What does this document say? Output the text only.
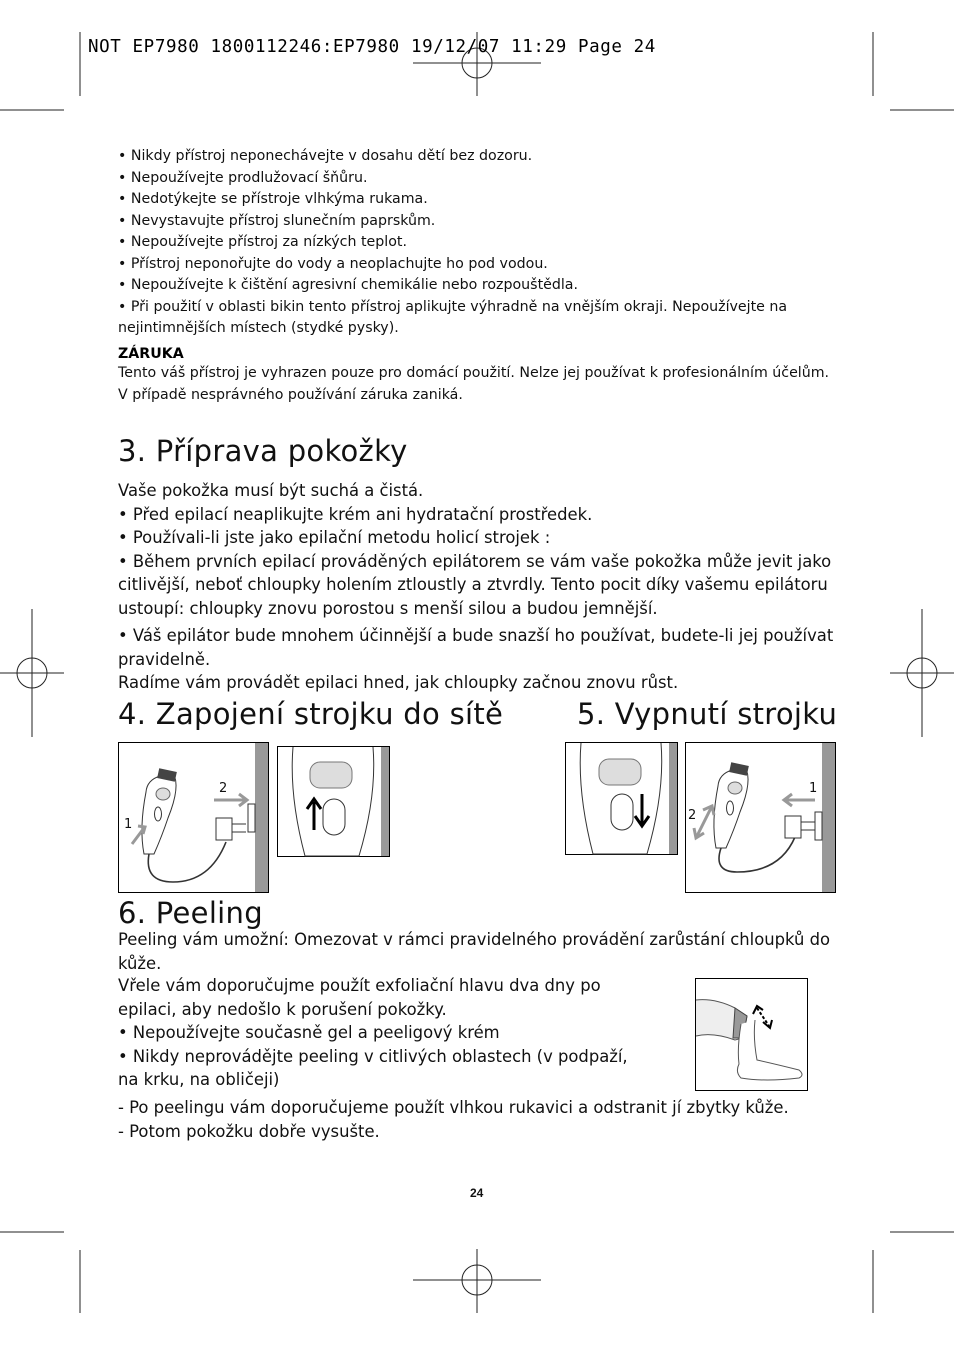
NOT EP7980 1800112246:EP7980 19/12/07 11:29 Page 24

• Nikdy přístroj neponechávejte v dosahu dětí bez dozoru.

• Nepoužívejte prodlužovací šňůru.

• Nedotýkejte se přístroje vlhkýma rukama.

• Nevystavujte přístroj slunečním paprskům.

• Nepoužívejte přístroj za nízkých teplot.

• Přístroj neponořujte do vody a neoplachujte ho pod vodou.

• Nepoužívejte k čištění agresivní chemikálie nebo rozpouštědla.

• Při použití v oblasti bikin tento přístroj aplikujte výhradně na vnějším okraji. Nepoužívejte na nejintimnějších místech (stydké pysky).

ZÁRUKA

Tento váš přístroj je vyhrazen pouze pro domácí použití. Nelze jej používat k profesionálním účelům. V případě nesprávného používání záruka zaniká.

3. Příprava pokožky

Vaše pokožka musí být suchá a čistá.

• Před epilací neaplikujte krém ani hydratační prostředek.

• Používali-li jste jako epilační metodu holicí strojek :

• Během prvních epilací prováděných epilátorem se vám vaše pokožka může jevit jako citlivější, neboť chloupky holením ztloustly a ztvrdly. Tento pocit díky vašemu epilátoru ustoupí: chloupky znovu porostou s menší silou a budou jemnější.

• Váš epilátor bude mnohem účinnější a bude snazší ho používat, budete-li jej používat pravidelně.

Radíme vám provádět epilaci hned, jak chloupky začnou znovu růst.

4. Zapojení strojku do sítě	5. Vypnutí strojku
1
2	1
2
6. Peeling

Peeling vám umožní: Omezovat v rámci pravidelného provádění zarůstání chloupků do kůže.

Vřele vám doporučujme použít exfoliační hlavu dva dny po epilaci, aby nedošlo k porušení pokožky.

• Nepoužívejte současně gel a peeligový krém

• Nikdy neprovádějte peeling v citlivých oblastech (v podpaží, na krku, na obličeji)

- Po peelingu vám doporučujeme použít vlhkou rukavici a odstranit jí zbytky kůže.

- Potom pokožku dobře vysušte.

24
